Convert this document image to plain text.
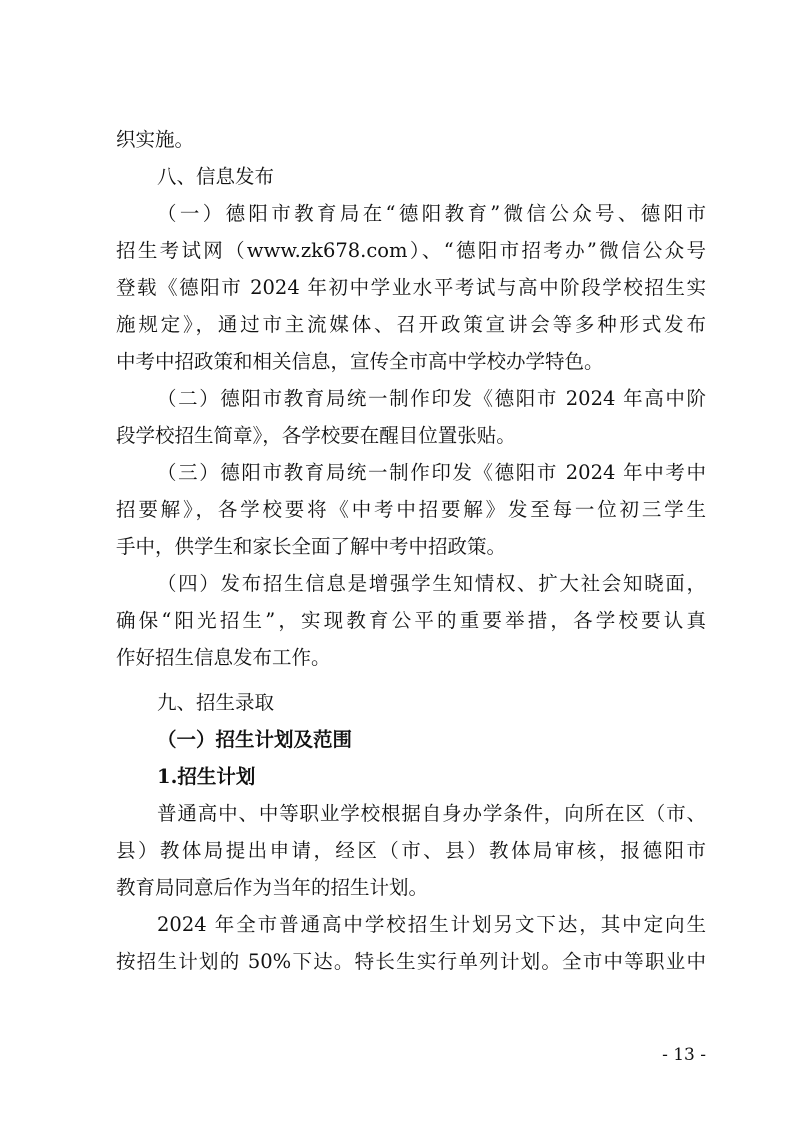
织实施。
八、信息发布
（一）德阳市教育局在“德阳教育”微信公众号、德阳市
招生考试网（www.zk678.com）、“德阳市招考办”微信公众号
登载《德阳市 2024 年初中学业水平考试与高中阶段学校招生实
施规定》，通过市主流媒体、召开政策宣讲会等多种形式发布
中考中招政策和相关信息，宣传全市高中学校办学特色。
（二）德阳市教育局统一制作印发《德阳市 2024 年高中阶
段学校招生简章》，各学校要在醒目位置张贴。
（三）德阳市教育局统一制作印发《德阳市 2024 年中考中
招要解》，各学校要将《中考中招要解》发至每一位初三学生
手中，供学生和家长全面了解中考中招政策。
（四）发布招生信息是增强学生知情权、扩大社会知晓面，
确保“阳光招生”，实现教育公平的重要举措，各学校要认真
作好招生信息发布工作。
九、招生录取
（一）招生计划及范围
1.招生计划
普通高中、中等职业学校根据自身办学条件，向所在区（市、
县）教体局提出申请，经区（市、县）教体局审核，报德阳市
教育局同意后作为当年的招生计划。
2024 年全市普通高中学校招生计划另文下达，其中定向生
按招生计划的 50%下达。特长生实行单列计划。全市中等职业中
- 13 -
